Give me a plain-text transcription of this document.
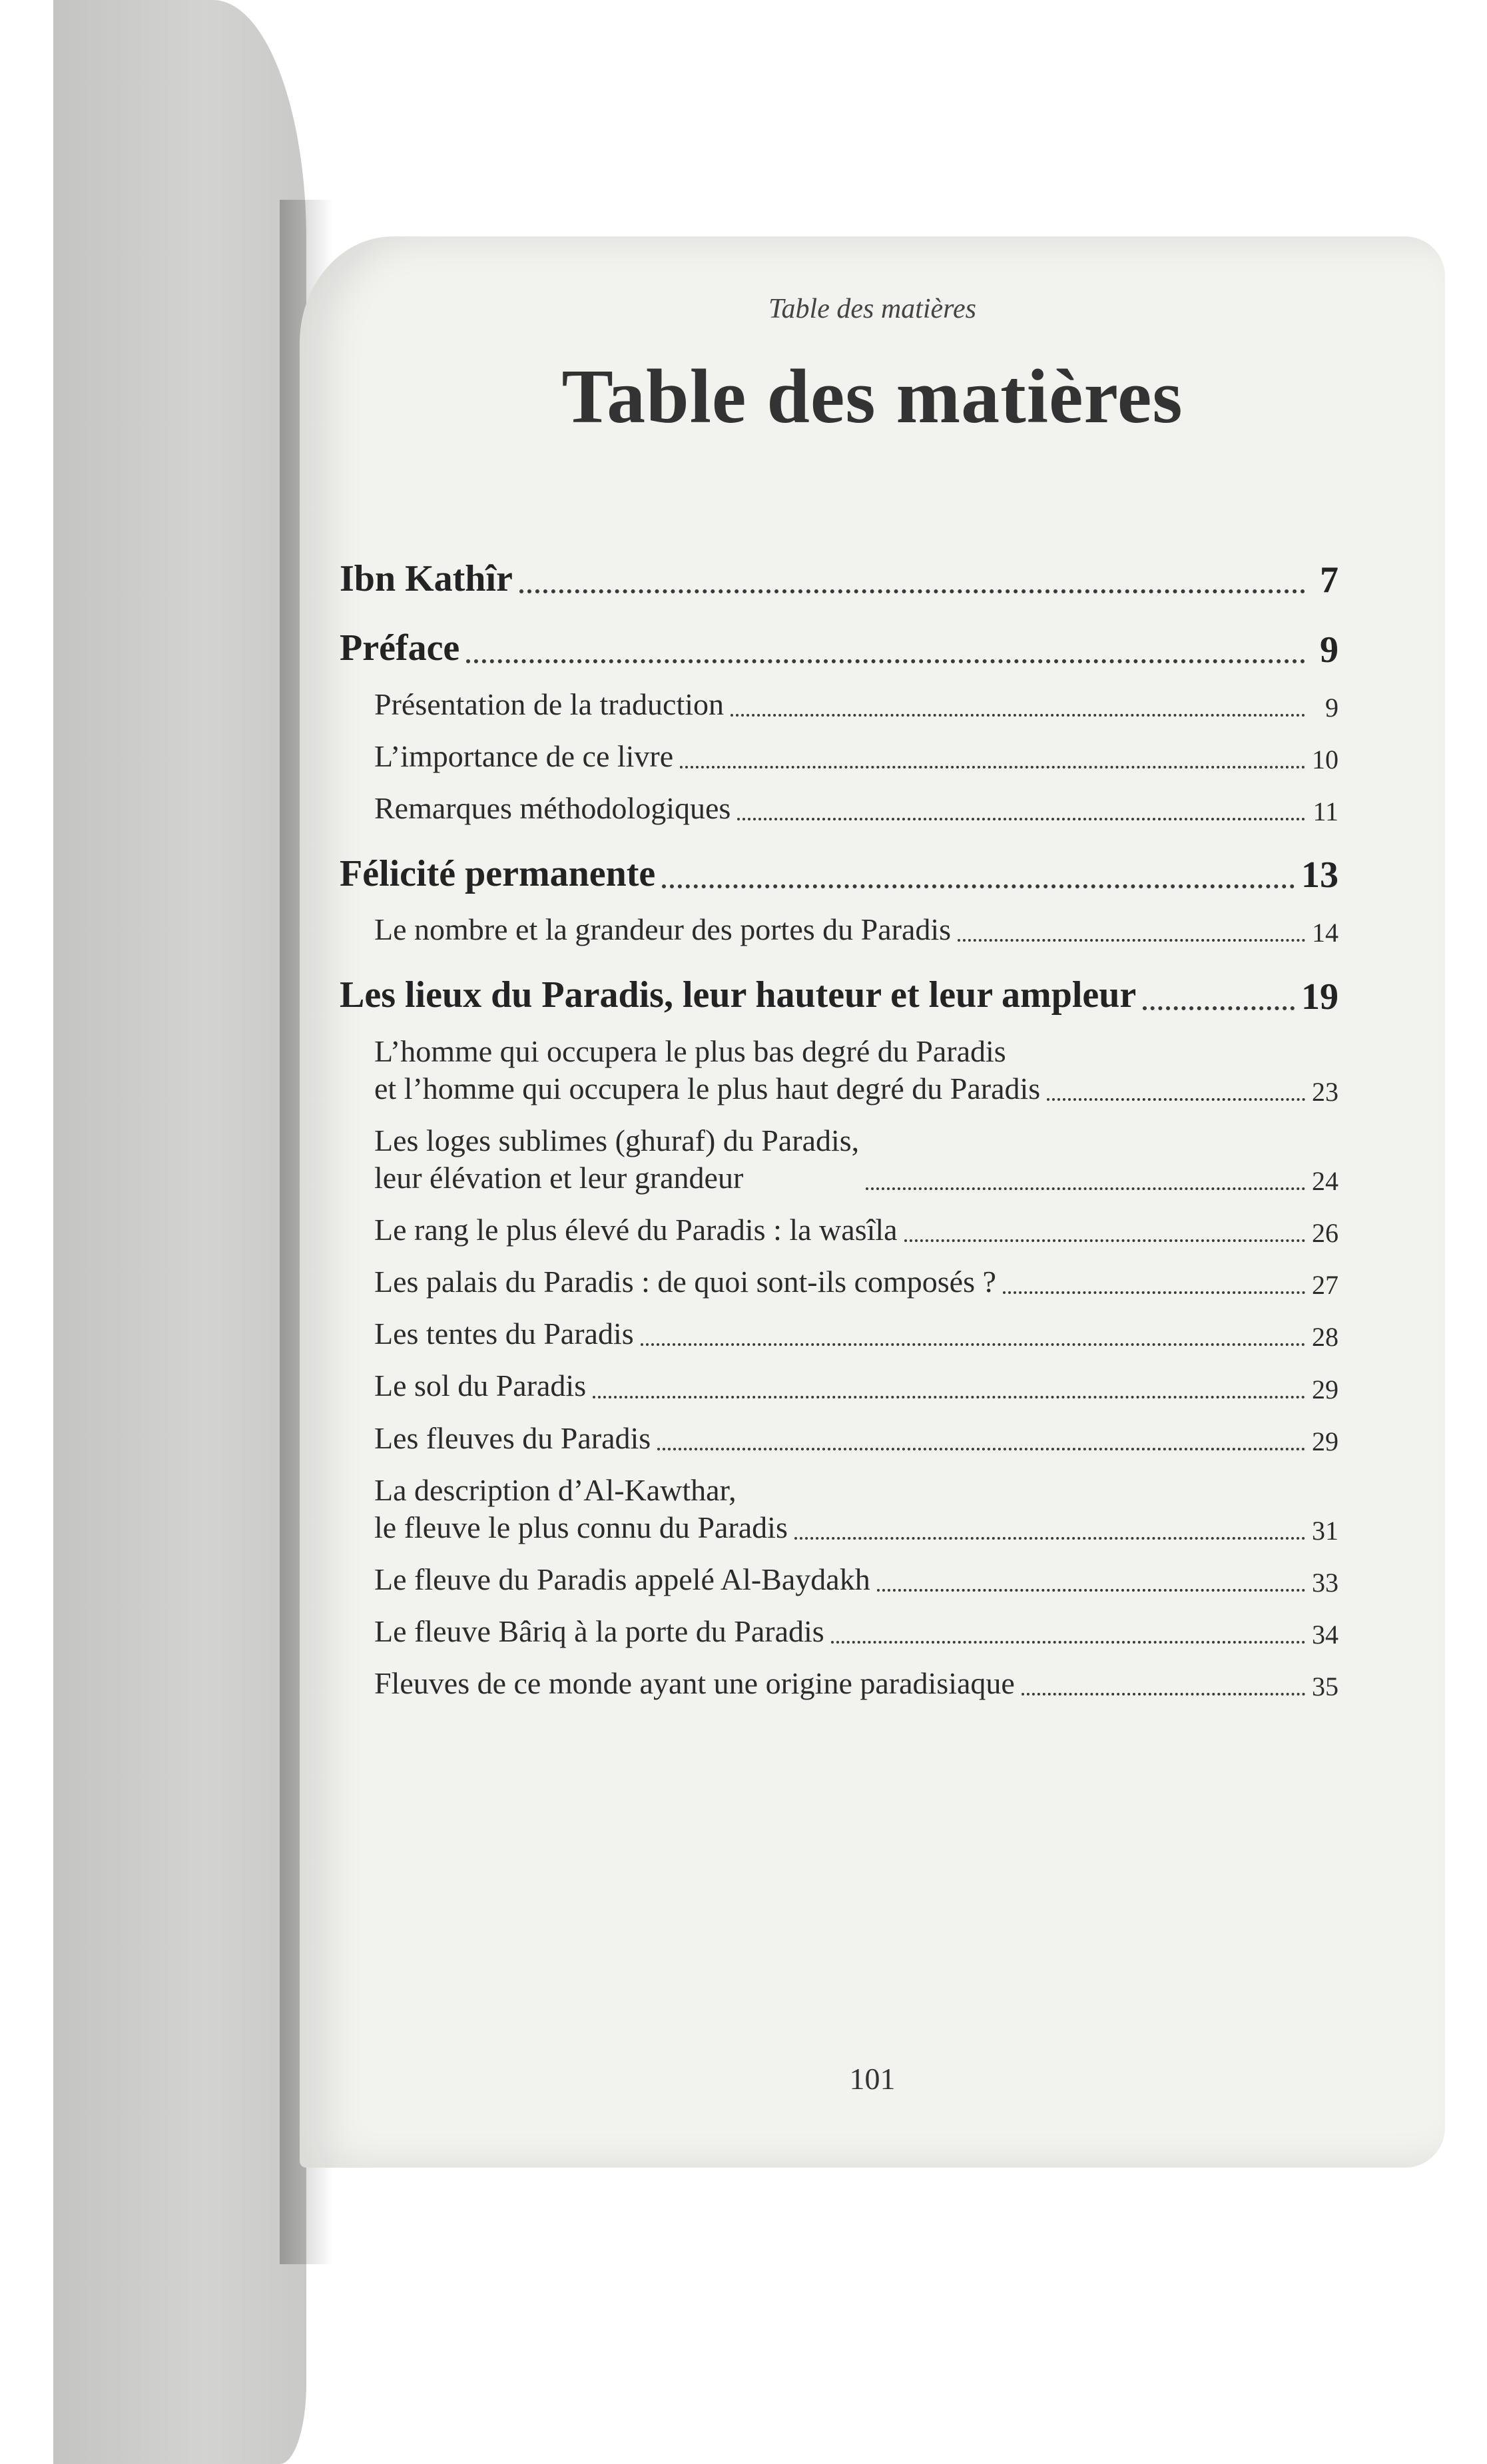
Table des matières
Table des matières
Ibn Kathîr	7
Préface	9
Présentation de la traduction	9
L’importance de ce livre	10
Remarques méthodologiques	11
Félicité permanente	13
Le nombre et la grandeur des portes du Paradis	14
Les lieux du Paradis, leur hauteur et leur ampleur	19
L’homme qui occupera le plus bas degré du Paradis
et l’homme qui occupera le plus haut degré du Paradis	23
Les loges sublimes (ghuraf) du Paradis,
leur élévation et leur grandeur	24
Le rang le plus élevé du Paradis : la wasîla	26
Les palais du Paradis : de quoi sont-ils composés ?	27
Les tentes du Paradis	28
Le sol du Paradis	29
Les fleuves du Paradis	29
La description d’Al-Kawthar,
le fleuve le plus connu du Paradis	31
Le fleuve du Paradis appelé Al-Baydakh	33
Le fleuve Bâriq à la porte du Paradis	34
Fleuves de ce monde ayant une origine paradisiaque	35
101
